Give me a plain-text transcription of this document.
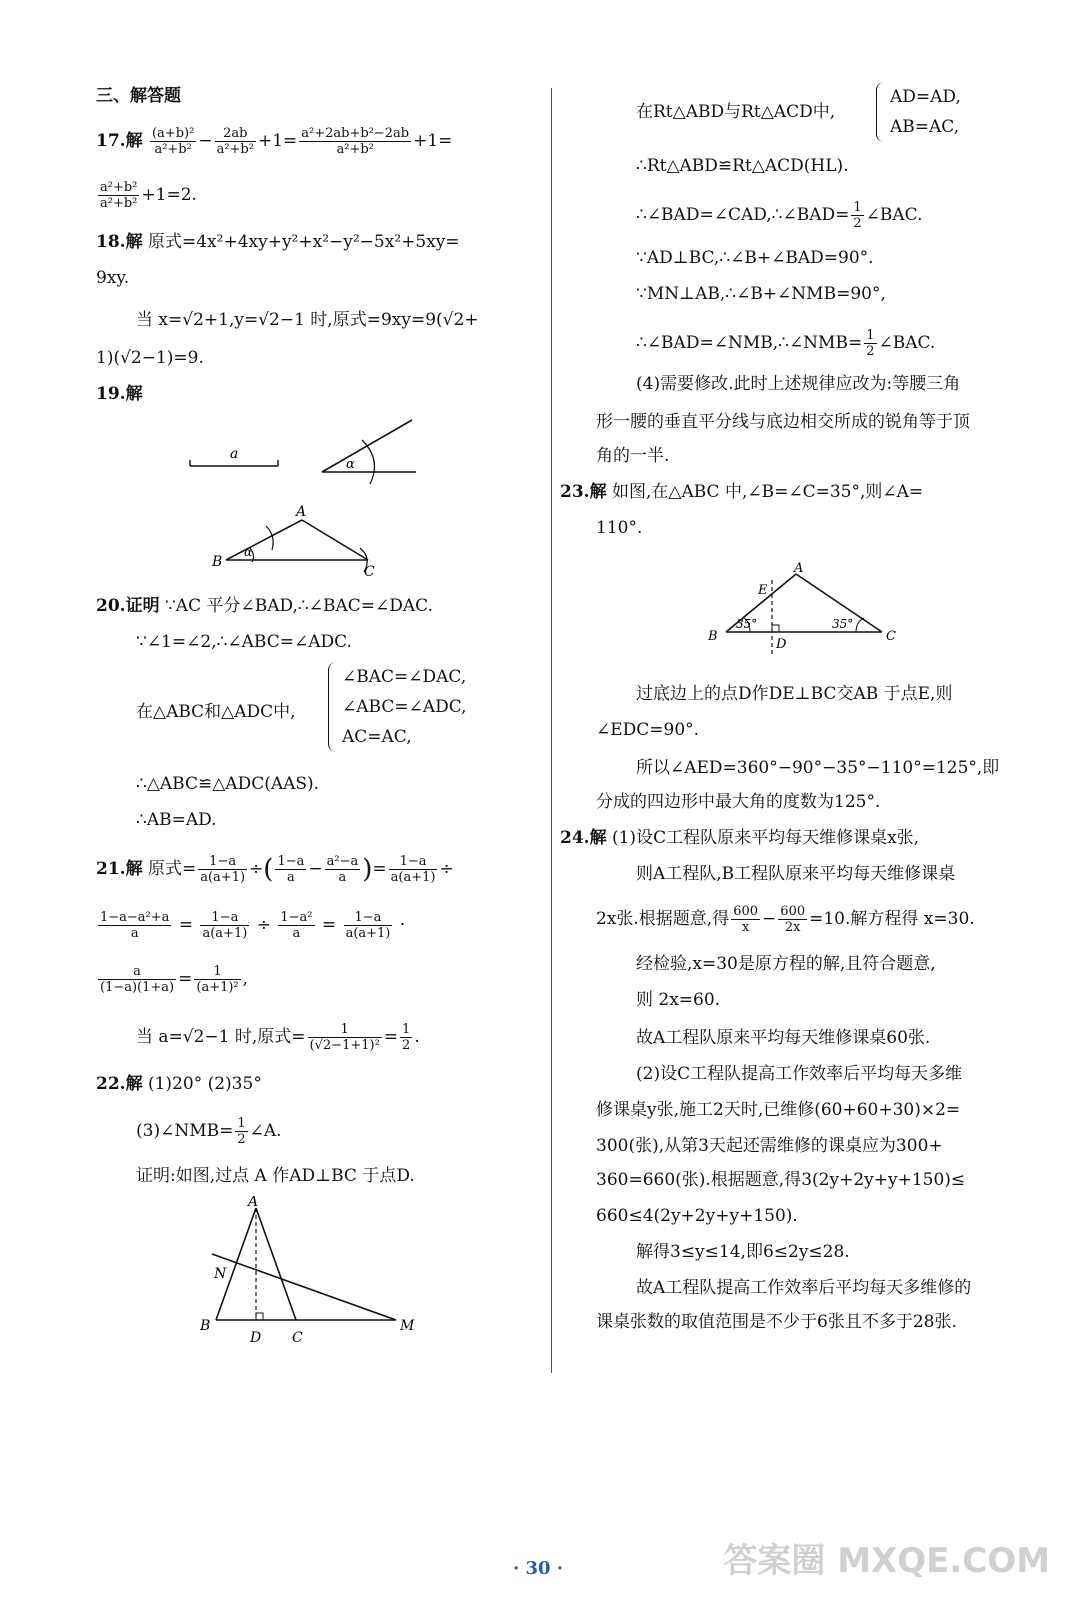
三、解答题
17.解 $\frac{\text{(a+b)²}}{\text{a²+b²}} - \frac{2ab}{\text{a²+b²}} +1= \frac{\text{a²+2ab+b²−2ab}}{\text{a²+b²}} +1=$
$\frac{\text{a²+b²}}{\text{a²+b²}} +1=2$.
18.解 原式=4x²+4xy+y²+x²−y²−5x²+5xy=
9xy.
当 x=√2+1,y=√2−1 时,原式=9xy=9(√2+
1)(√2−1)=9.
19.解
a
α
A
B
C
α
20.证明 ∵AC 平分∠BAD,∴∠BAC=∠DAC.
∵∠1=∠2,∴∠ABC=∠ADC.
在△ABC和△ADC中,
∠BAC=∠DAC,
∠ABC=∠ADC,
AC=AC,
∴△ABC≌△ADC(AAS).
∴AB=AD.
21.解 原式= $\frac{1-a}{a(a+1)}$ ÷( $\frac{1-a}{a} - \frac{\text{a²−a}}{a}$ )= $\frac{1-a}{a(a+1)}$ ÷
$\frac{\text{1−a−a²+a}}{a} = \frac{1-a}{a(a+1)} \div \frac{\text{1−a²}}{a} = \frac{1-a}{a(a+1)}$ ·
$\frac{a}{(1-a)(1+a)} = \frac{1}{\text{(a+1)²}}$ ,
当 a=√2−1 时,原式= $\frac{1}{\text{(√2−1+1)²}} = \frac{1}{2}$ .
22.解 (1)20° (2)35°
(3)∠NMB= $\frac{1}{2}$ ∠A.
证明:如图,过点 A 作AD⊥BC 于点D.
A
B
D C
M
N
在Rt△ABD与Rt△ACD中,
AD=AD,
AB=AC,
∴Rt△ABD≌Rt△ACD(HL).
∴∠BAD=∠CAD,∴∠BAD= $\frac{1}{2}$ ∠BAC.
∵AD⊥BC,∴∠B+∠BAD=90°.
∵MN⊥AB,∴∠B+∠NMB=90°,
∴∠BAD=∠NMB,∴∠NMB= $\frac{1}{2}$ ∠BAC.
(4)需要修改.此时上述规律应改为:等腰三角
形一腰的垂直平分线与底边相交所成的锐角等于顶
角的一半.
23.解 如图,在△ABC 中,∠B=∠C=35°,则∠A=
110°.
A
E
B	C
D
35°	35°
过底边上的点D作DE⊥BC交AB 于点E,则
∠EDC=90°.
所以∠AED=360°−90°−35°−110°=125°,即
分成的四边形中最大角的度数为125°.
24.解 (1)设C工程队原来平均每天维修课桌x张,
则A工程队,B工程队原来平均每天维修课桌
2x张.根据题意,得 $\frac{600}{x} - \frac{600}{2x} =10$.解方程得 x=30.
经检验,x=30是原方程的解,且符合题意,
则 2x=60.
故A工程队原来平均每天维修课桌60张.
(2)设C工程队提高工作效率后平均每天多维
修课桌y张,施工2天时,已维修(60+60+30)×2=
300(张),从第3天起还需维修的课桌应为300+
360=660(张).根据题意,得3(2y+2y+y+150)≤
660≤4(2y+2y+y+150).
解得3≤y≤14,即6≤2y≤28.
故A工程队提高工作效率后平均每天多维修的
课桌张数的取值范围是不少于6张且不多于28张.
· 30 ·	答案圈 MXQE.COM
